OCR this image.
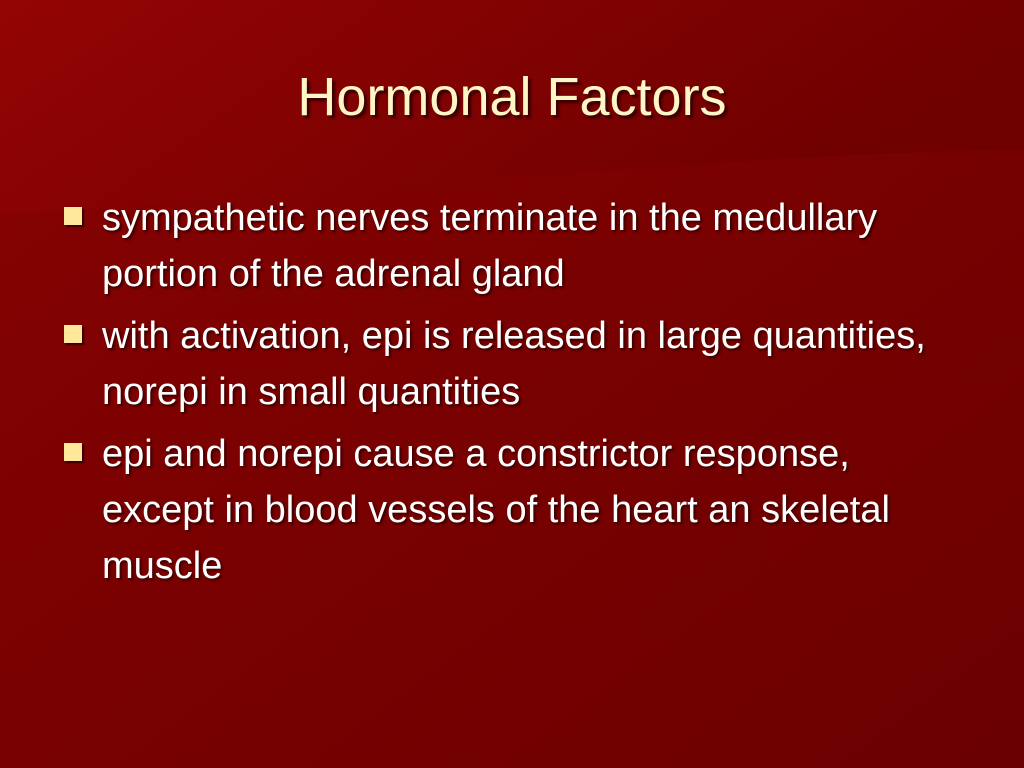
Hormonal Factors
sympathetic nerves terminate in the medullary portion of the adrenal gland
with activation, epi is released in large quantities, norepi in small quantities
epi and norepi cause a constrictor response, except in blood vessels of the heart an skeletal muscle
